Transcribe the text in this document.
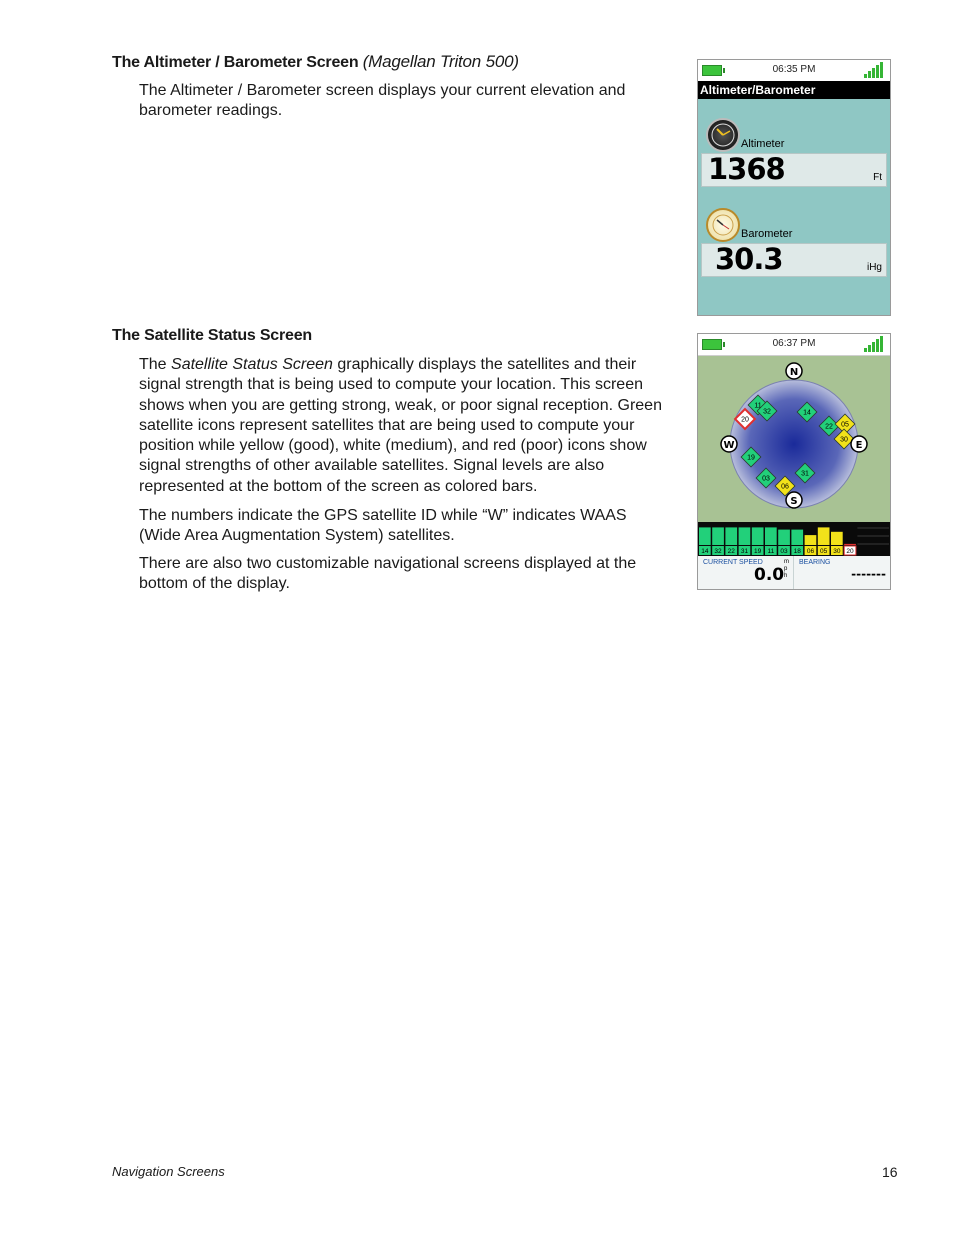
The Altimeter / Barometer Screen (Magellan Triton 500)
The Altimeter / Barometer screen displays your current elevation and barometer readings.
06:35 PM
Altimeter/Barometer
Altimeter
1368	Ft
Barometer
30.3	iHg
The Satellite Status Screen
The Satellite Status Screen graphically displays the satellites and their signal strength that is being used to compute your location. This screen shows when you are getting strong, weak, or poor signal reception. Green satellite icons represent satellites that are being used to compute your position while yellow (good), white (medium), and red (poor) icons show signal strengths of other available satellites. Signal levels are also represented at the bottom of the screen as colored bars.
The numbers indicate the GPS satellite ID while “W” indicates WAAS (Wide Area Augmentation System) satellites.
There are also two customizable navigational screens displayed at the bottom of the display.
06:37 PM
11
32
20
14
22 05
30
19
03
06
31
N
S
W	E
14 32 22 31 19 11 03 18 06 05 30 20
CURRENT SPEED
0.0
m p h
BEARING
-------
Navigation Screens	16
